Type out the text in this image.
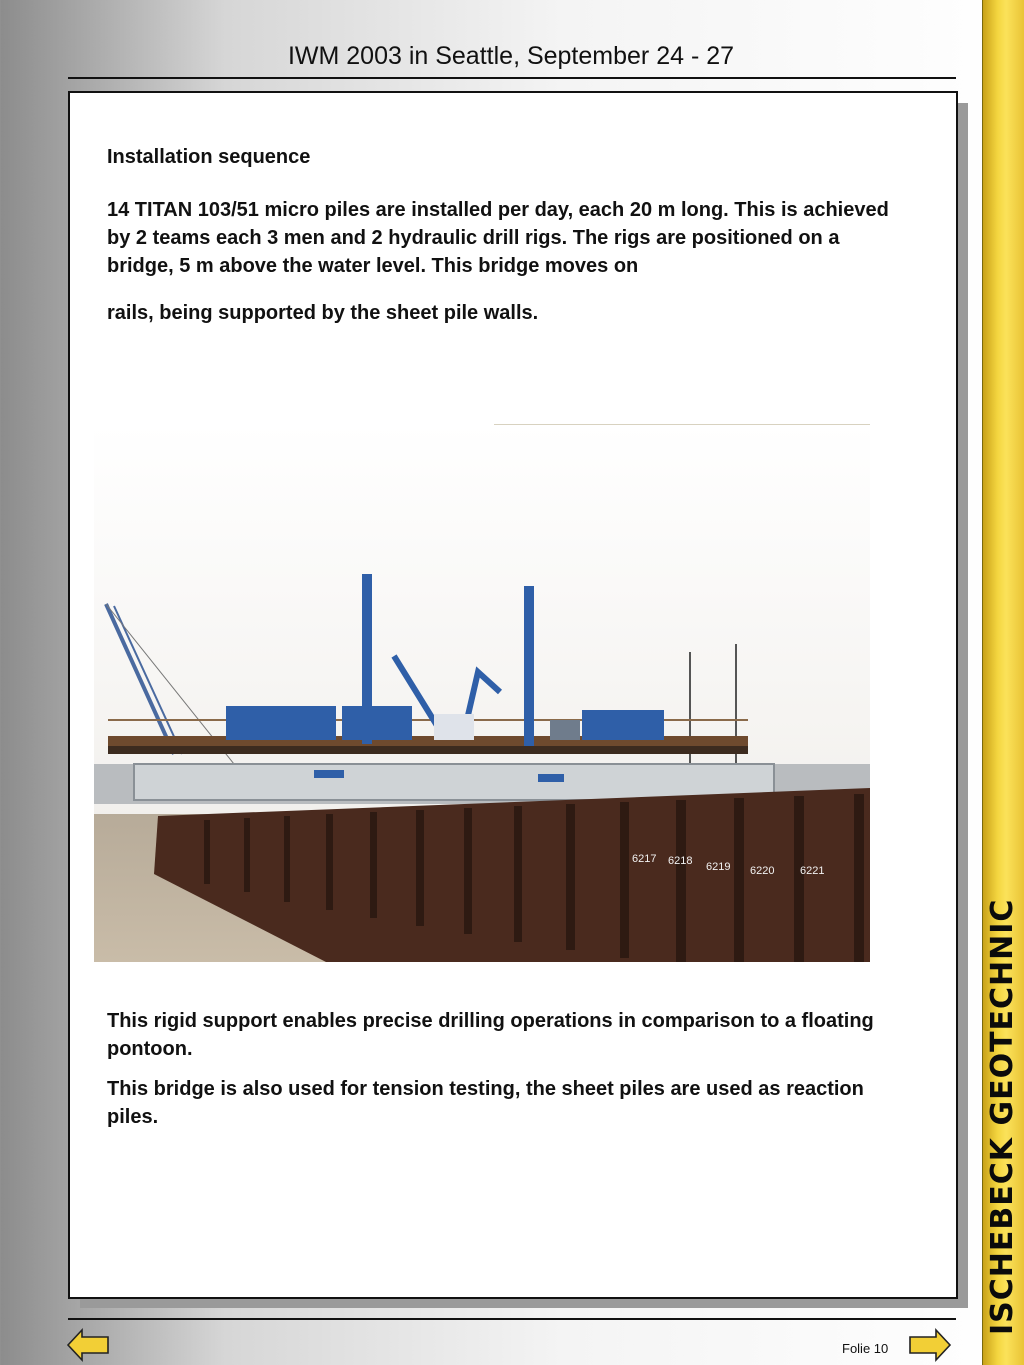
IWM 2003 in Seattle, September 24 - 27
Installation sequence
14 TITAN 103/51 micro piles are installed per day, each 20 m long. This is achieved by 2 teams each 3 men and 2 hydraulic drill rigs. The rigs are positioned on a bridge, 5 m above the water level. This bridge moves on
rails, being supported by the sheet pile walls.
6217 6218 6219 6220 6221
This rigid support enables precise drilling operations in comparison to a floating pontoon.
This bridge is also used for tension testing, the sheet piles are used as reaction piles.	ISCHEBECK GEOTECHNIC
Folie 10
